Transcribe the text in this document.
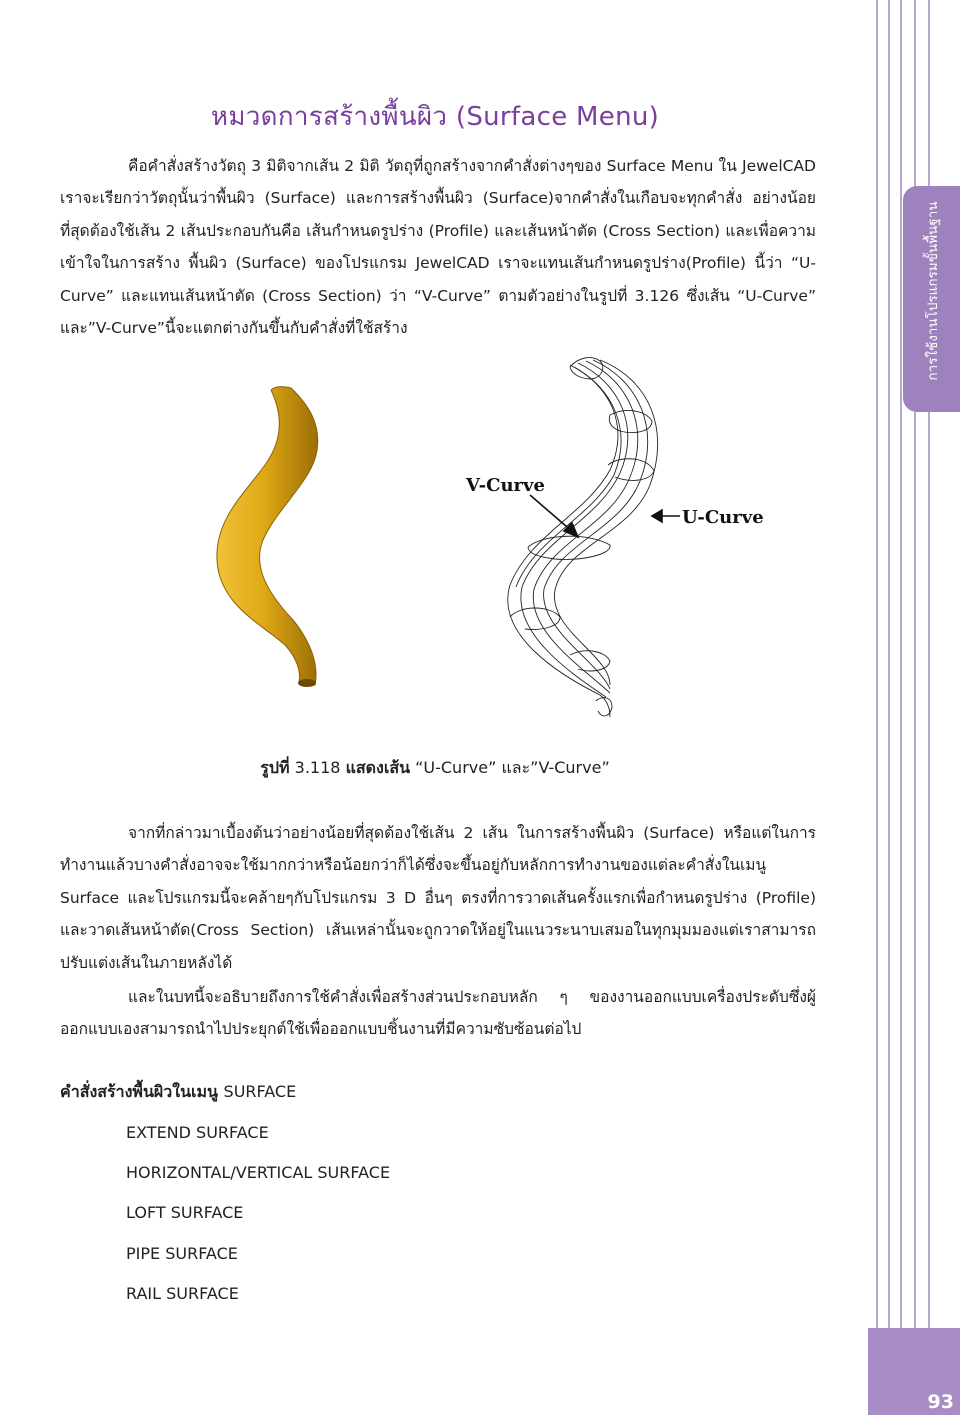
การใช้งานโปรแกรมขั้นพื้นฐาน
93
หมวดการสร้างพื้นผิว (Surface Menu)

คือคำสั่งสร้างวัตถุ 3 มิติจากเส้น 2 มิติ วัตถุที่ถูกสร้างจากคำสั่งต่างๆของ Surface Menu ใน JewelCAD เราจะเรียกว่าวัตถุนั้นว่าพื้นผิว (Surface) และการสร้างพื้นผิว (Surface)จากคำสั่งในเกือบจะทุกคำสั่ง อย่างน้อยที่สุดต้องใช้เส้น 2 เส้นประกอบกันคือ เส้นกำหนดรูปร่าง (Profile) และเส้นหน้าตัด (Cross Section) และเพื่อความเข้าใจในการสร้าง พื้นผิว (Surface) ของโปรแกรม JewelCAD เราจะแทนเส้นกำหนดรูปร่าง(Profile) นี้ว่า “U-Curve” และแทนเส้นหน้าตัด (Cross Section) ว่า “V-Curve” ตามตัวอย่างในรูปที่ 3.126 ซึ่งเส้น “U-Curve” และ”V-Curve”นี้จะแตกต่างกันขึ้นกับคำสั่งที่ใช้สร้าง

V-Curve
U-Curve
รูปที่ 3.118 แสดงเส้น “U-Curve” และ”V-Curve”

จากที่กล่าวมาเบื้องต้นว่าอย่างน้อยที่สุดต้องใช้เส้น 2 เส้น ในการสร้างพื้นผิว (Surface) หรือแต่ในการทำงานแล้วบางคำสั่งอาจจะใช้มากกว่าหรือน้อยกว่าก็ได้ซึ่งจะขึ้นอยู่กับหลักการทำงานของแต่ละคำสั่งในเมนู Surface และโปรแกรมนี้จะคล้ายๆกับโปรแกรม 3 D อื่นๆ ตรงที่การวาดเส้นครั้งแรกเพื่อกำหนดรูปร่าง (Profile) และวาดเส้นหน้าตัด(Cross Section) เส้นเหล่านั้นจะถูกวาดให้อยู่ในแนวระนาบเสมอในทุกมุมมองแต่เราสามารถปรับแต่งเส้นในภายหลังได้

และในบทนี้จะอธิบายถึงการใช้คำสั่งเพื่อสร้างส่วนประกอบหลัก ๆ ของงานออกแบบเครื่องประดับซึ่งผู้ออกแบบเองสามารถนำไปประยุกต์ใช้เพื่อออกแบบชิ้นงานที่มีความซับซ้อนต่อไป

คำสั่งสร้างพื้นผิวในเมนู SURFACE
EXTEND SURFACE
HORIZONTAL/VERTICAL SURFACE
LOFT SURFACE
PIPE SURFACE
RAIL SURFACE
